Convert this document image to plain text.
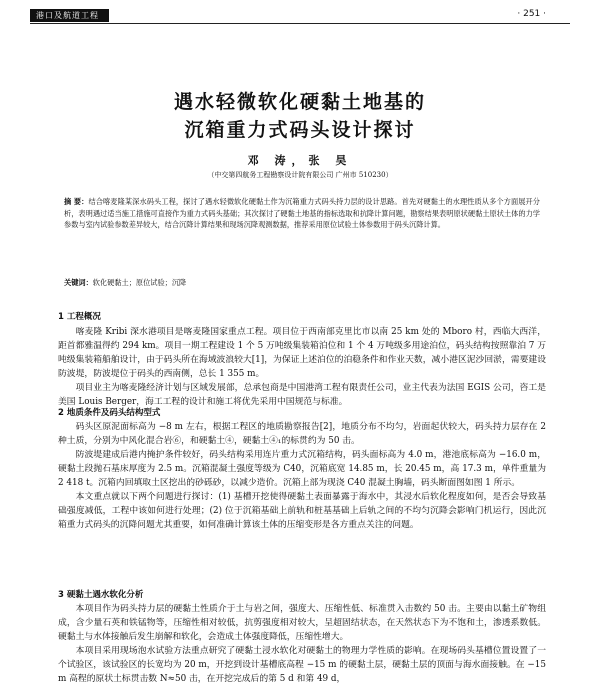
港口及航道工程	· 251 ·
遇水轻微软化硬黏土地基的
沉箱重力式码头设计探讨
邓 涛，张 昊
（中交第四航务工程勘察设计院有限公司 广州市 510230）
摘 要：结合喀麦隆某深水码头工程，探讨了遇水轻微软化硬黏土作为沉箱重力式码头持力层的设计思路。首先对硬黏土的水理性质从多个方面展开分析，表明遇过适当施工措施可直接作为重力式码头基础；其次探讨了硬黏土地基的指标选取和抗降计算问题，勘察结果表明原状硬黏土原状土体的力学参数与室内试验参数差异较大，结合沉降计算结果和现场沉降观测数据，推荐采用原位试验土体参数用于码头沉降计算。
关键词：软化硬黏土；原位试验；沉降
1 工程概况

喀麦隆 Kribi 深水港项目是喀麦隆国家重点工程。项目位于西南部克里比市以南 25 km 处的 Mboro 村，西临大西洋，距首都雅温得约 294 km。项目一期工程建设 1 个 5 万吨级集装箱泊位和 1 个 4 万吨级多用途泊位，码头结构按照靠泊 7 万吨级集装箱船舶设计，由于码头所在海域波浪较大[1]，为保证上述泊位的泊稳条件和作业天数，减小港区泥沙回淤，需要建设防波堤，防波堤位于码头的西南侧，总长 1 355 m。

项目业主为喀麦隆经济计划与区域发展部，总承包商是中国港湾工程有限责任公司，业主代表为法国 EGIS 公司，咨工是美国 Louis Berger，海工工程的设计和施工将优先采用中国规范与标准。

2 地质条件及码头结构型式

码头区原泥面标高为 −8 m 左右，根据工程区的地质勘察报告[2]，地质分布不均匀，岩面起伏较大，码头持力层存在 2 种土质，分别为中风化混合岩⑥，和硬黏土④，硬黏土④₁的标贯约为 50 击。

防波堤建成后港内掩护条件较好，码头结构采用连片重力式沉箱结构，码头面标高为 4.0 m，港池底标高为 −16.0 m，硬黏土段抛石基床厚度为 2.5 m。沉箱混凝土强度等级为 C40，沉箱底宽 14.85 m，长 20.45 m，高 17.3 m，单件重量为 2 418 t。沉箱内回填取土区挖出的砂砾砂，以减少造价。沉箱上部为现浇 C40 混凝土胸墙，码头断面图如图 1 所示。

本文重点就以下两个问题进行探讨：(1) 基槽开挖使得硬黏土表面暴露于海水中，其浸水后软化程度如何，是否会导致基础强度减低，工程中该如何进行处理；(2) 位于沉箱基础上前轨和桩基基础上后轨之间的不均匀沉降会影响门机运行，因此沉箱重力式码头的沉降问题尤其重要，如何准确计算该土体的压缩变形是各方重点关注的问题。

3 硬黏土遇水软化分析

本项目作为码头持力层的硬黏土性质介于土与岩之间，强度大、压缩性低、标准贯入击数约 50 击。主要由以黏土矿物组成，含少量石英和铁锰物等，压缩性相对较低，抗剪强度相对较大，呈超固结状态，在天然状态下为不饱和土，渗透系数低。硬黏土与水体接触后发生崩解和软化，会造成土体强度降低，压缩性增大。

本项目采用现场泡水试验方法重点研究了硬黏土浸水软化对硬黏土的物理力学性质的影响。在现场码头基槽位置设置了一个试验区，该试验区的长宽均为 20 m，开挖到设计基槽底高程 −15 m 的硬黏土层，硬黏土层的顶面与海水面接触。在 −15 m 高程的原状土标贯击数 N≈50 击，在开挖完成后的第 5 d 和第 49 d，
